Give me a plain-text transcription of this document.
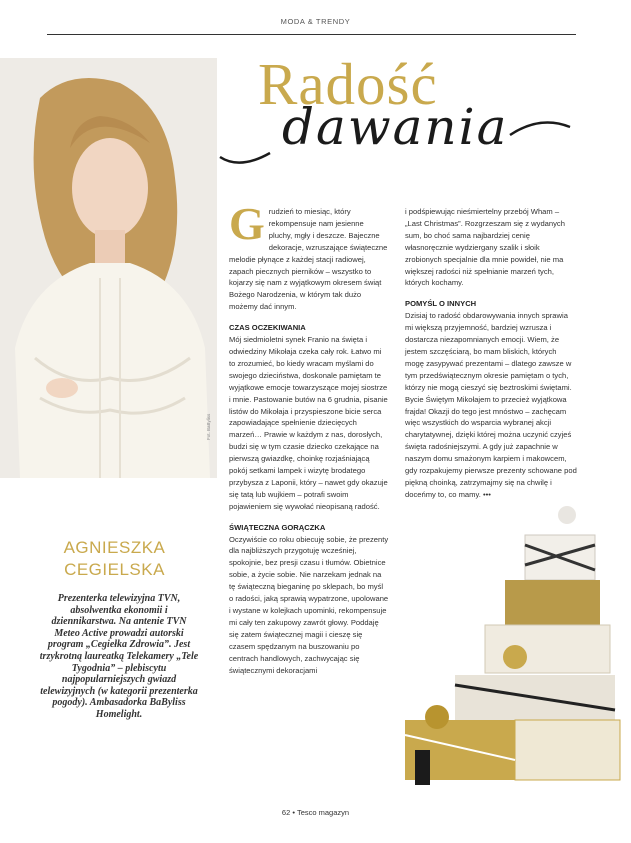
MODA & TRENDY
Fot. BaByliss
Radość
dawania
G rudzień to miesiąc, który rekompensuje nam jesienne pluchy, mgły i deszcze. Bajeczne dekoracje, wzruszające świąteczne melodie płynące z każdej stacji radiowej, zapach piecznych pierników – wszystko to kojarzy się nam z wyjątkowym okresem świąt Bożego Narodzenia, w którym tak dużo możemy dać innym.

CZAS OCZEKIWANIA

Mój siedmioletni synek Franio na święta i odwiedziny Mikołaja czeka cały rok. Łatwo mi to zrozumieć, bo kiedy wracam myślami do swojego dzieciństwa, doskonale pamiętam te wyjątkowe emocje towarzyszące mojej siostrze i mnie. Pastowanie butów na 6 grudnia, pisanie listów do Mikołaja i przyspieszone bicie serca zapowiadające spełnienie dziecięcych marzeń… Prawie w każdym z nas, dorosłych, budzi się w tym czasie dziecko czekające na pierwszą gwiazdkę, choinkę rozjaśniającą pokój setkami lampek i wizytę brodatego przybysza z Laponii, który – nawet gdy okazuje się tatą lub wujkiem – potrafi swoim pojawieniem się wywołać nieopisaną radość.

ŚWIĄTECZNA GORĄCZKA

Oczywiście co roku obiecuję sobie, że prezenty dla najbliższych przygotuję wcześniej, spokojnie, bez presji czasu i tłumów. Obietnice sobie, a życie sobie. Nie narzekam jednak na tę świąteczną bieganinę po sklepach, bo myśl o radości, jaką sprawią wypatrzone, upolowane i wystane w kolejkach upominki, rekompensuje mi cały ten zakupowy zawrót głowy. Poddaję się zatem świątecznej magii i cieszę się czasem spędzanym na buszowaniu po centrach handlowych, zachwycając się świątecznymi dekoracjami

i podśpiewując nieśmiertelny przebój Wham – „Last Christmas”. Rozgrzeszam się z wydanych sum, bo choć sama najbardziej cenię własnoręcznie wydziergany szalik i słoik zrobionych specjalnie dla mnie powideł, nie ma większej radości niż spełnianie marzeń tych, których kochamy.

POMYŚL O INNYCH

Dzisiaj to radość obdarowywania innych sprawia mi większą przyjemność, bardziej wzrusza i dostarcza niezapomnianych emocji. Wiem, że jestem szczęściarą, bo mam bliskich, których mogę zasypywać prezentami – dlatego zawsze w tym przedświątecznym okresie pamiętam o tych, którzy nie mogą cieszyć się beztroskimi świętami. Bycie Świętym Mikołajem to przecież wyjątkowa frajda! Okazji do tego jest mnóstwo – zachęcam więc wszystkich do wsparcia wybranej akcji charytatywnej, dzięki której można uczynić czyjeś święta radośniejszymi. A gdy już zapachnie w naszym domu smażonym karpiem i makowcem, gdy rozpakujemy pierwsze prezenty schowane pod piękną choinką, zatrzymajmy się na chwilę i doceńmy to, co mamy. •••

AGNIESZKA
CEGIELSKA
Prezenterka telewizyjna TVN, absolwentka ekonomii i dziennikarstwa. Na antenie TVN Meteo Active prowadzi autorski program „Cegiełka Zdrowia”. Jest trzykrotną laureatką Telekamery „Tele Tygodnia” – plebiscytu najpopularniejszych gwiazd telewizyjnych (w kategorii prezenterka pogody). Ambasadorka BaByliss Homelight.
62 • Tesco magazyn
